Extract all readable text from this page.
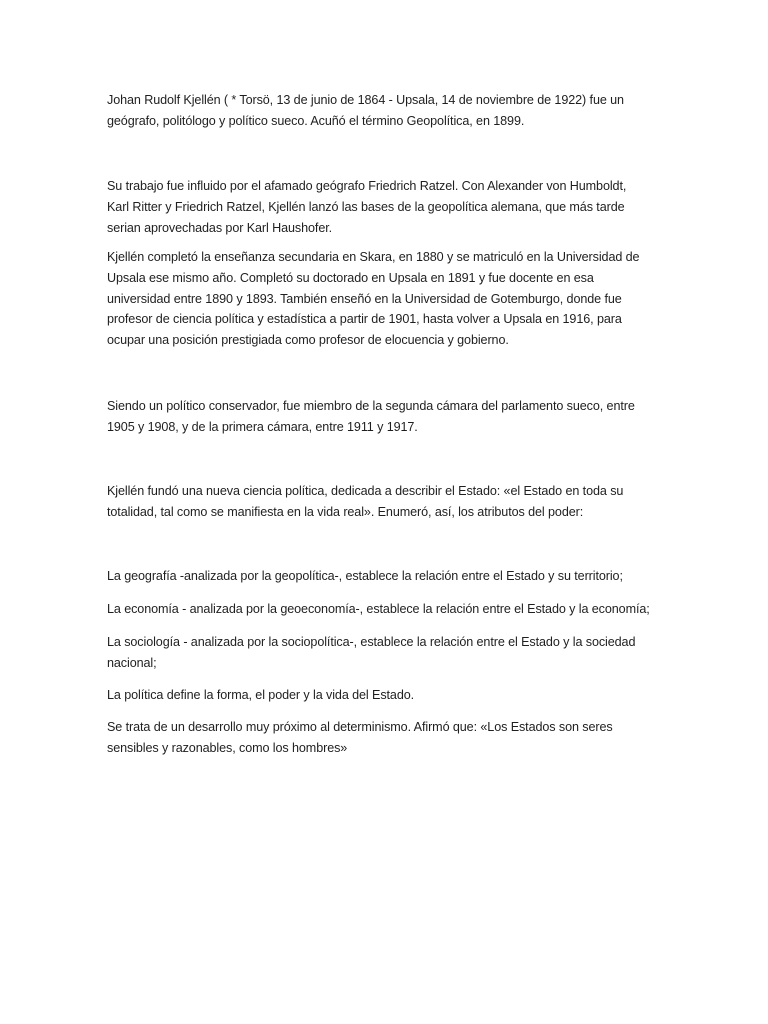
Johan Rudolf Kjellén ( * Torsö, 13 de junio de 1864 - Upsala, 14 de noviembre de 1922) fue un
geógrafo, politólogo y político sueco. Acuñó el término Geopolítica, en 1899.

Su trabajo fue influido por el afamado geógrafo Friedrich Ratzel. Con Alexander von Humboldt,
Karl Ritter y Friedrich Ratzel, Kjellén lanzó las bases de la geopolítica alemana, que más tarde
serian aprovechadas por Karl Haushofer.

Kjellén completó la enseñanza secundaria en Skara, en 1880 y se matriculó en la Universidad de
Upsala ese mismo año. Completó su doctorado en Upsala en 1891 y fue docente en esa
universidad entre 1890 y 1893. También enseñó en la Universidad de Gotemburgo, donde fue
profesor de ciencia política y estadística a partir de 1901, hasta volver a Upsala en 1916, para
ocupar una posición prestigiada como profesor de elocuencia y gobierno.

Siendo un político conservador, fue miembro de la segunda cámara del parlamento sueco, entre
1905 y 1908, y de la primera cámara, entre 1911 y 1917.

Kjellén fundó una nueva ciencia política, dedicada a describir el Estado: «el Estado en toda su
totalidad, tal como se manifiesta en la vida real». Enumeró, así, los atributos del poder:

La geografía -analizada por la geopolítica-, establece la relación entre el Estado y su territorio;

La economía - analizada por la geoeconomía-, establece la relación entre el Estado y la economía;

La sociología - analizada por la sociopolítica-, establece la relación entre el Estado y la sociedad
nacional;

La política define la forma, el poder y la vida del Estado.

Se trata de un desarrollo muy próximo al determinismo. Afirmó que: «Los Estados son seres
sensibles y razonables, como los hombres»
